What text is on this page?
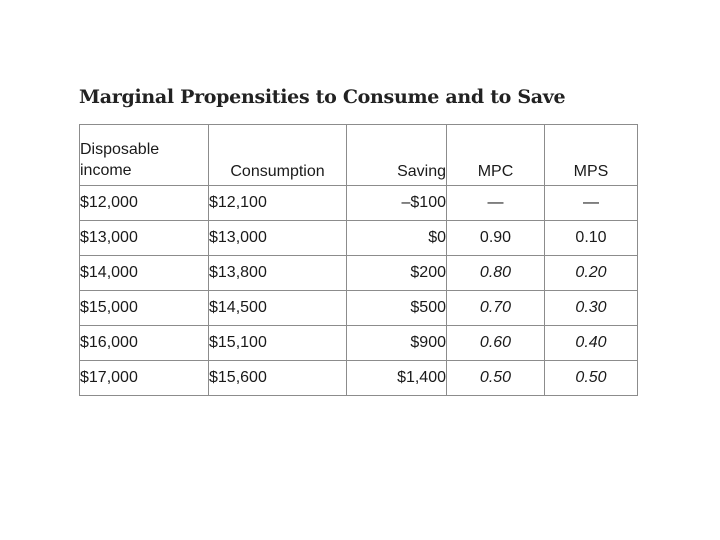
Marginal Propensities to Consume and to Save
Disposable
income	Consumption	Saving	MPC	MPS
$12,000	$12,100	–$100	—	—
$13,000	$13,000	$0	0.90	0.10
$14,000	$13,800	$200	0.80	0.20
$15,000	$14,500	$500	0.70	0.30
$16,000	$15,100	$900	0.60	0.40
$17,000	$15,600	$1,400	0.50	0.50
